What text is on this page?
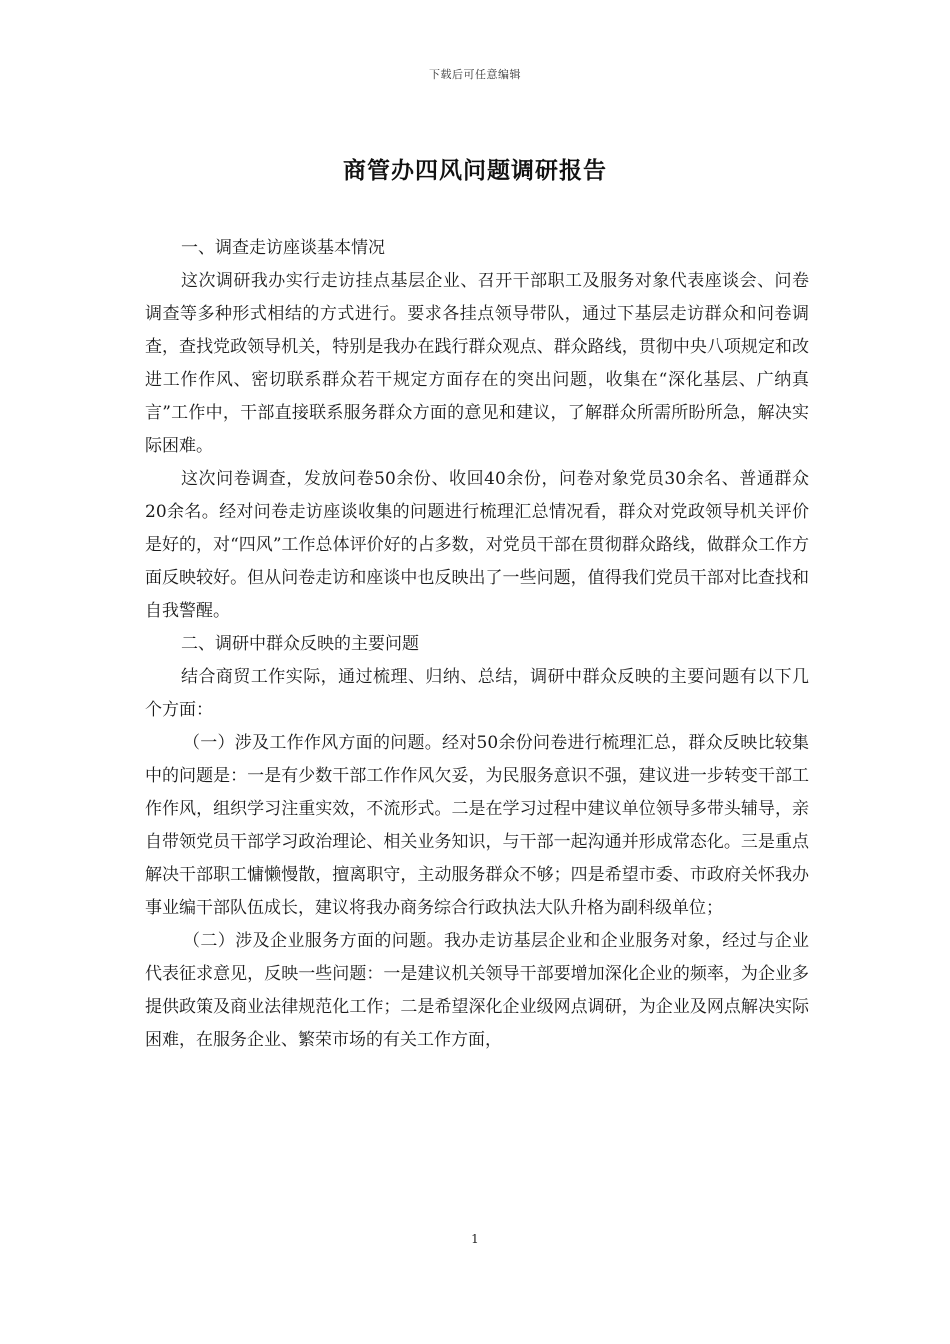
下载后可任意编辑
商管办四风问题调研报告

一、调查走访座谈基本情况

这次调研我办实行走访挂点基层企业、召开干部职工及服务对象代表座谈会、问卷调查等多种形式相结的方式进行。要求各挂点领导带队，通过下基层走访群众和问卷调查，查找党政领导机关，特别是我办在践行群众观点、群众路线，贯彻中央八项规定和改进工作作风、密切联系群众若干规定方面存在的突出问题，收集在“深化基层、广纳真言”工作中，干部直接联系服务群众方面的意见和建议，了解群众所需所盼所急，解决实际困难。

这次问卷调查，发放问卷50余份、收回40余份，问卷对象党员30余名、普通群众20余名。经对问卷走访座谈收集的问题进行梳理汇总情况看，群众对党政领导机关评价是好的，对“四风”工作总体评价好的占多数，对党员干部在贯彻群众路线，做群众工作方面反映较好。但从问卷走访和座谈中也反映出了一些问题，值得我们党员干部对比查找和自我警醒。

二、调研中群众反映的主要问题

结合商贸工作实际，通过梳理、归纳、总结，调研中群众反映的主要问题有以下几个方面：

（一）涉及工作作风方面的问题。经对50余份问卷进行梳理汇总，群众反映比较集中的问题是：一是有少数干部工作作风欠妥，为民服务意识不强，建议进一步转变干部工作作风，组织学习注重实效，不流形式。二是在学习过程中建议单位领导多带头辅导，亲自带领党员干部学习政治理论、相关业务知识，与干部一起沟通并形成常态化。三是重点解决干部职工慵懒慢散，擅离职守，主动服务群众不够；四是希望市委、市政府关怀我办事业编干部队伍成长，建议将我办商务综合行政执法大队升格为副科级单位；

（二）涉及企业服务方面的问题。我办走访基层企业和企业服务对象，经过与企业代表征求意见，反映一些问题：一是建议机关领导干部要增加深化企业的频率，为企业多提供政策及商业法律规范化工作；二是希望深化企业级网点调研，为企业及网点解决实际困难，在服务企业、繁荣市场的有关工作方面，

1
